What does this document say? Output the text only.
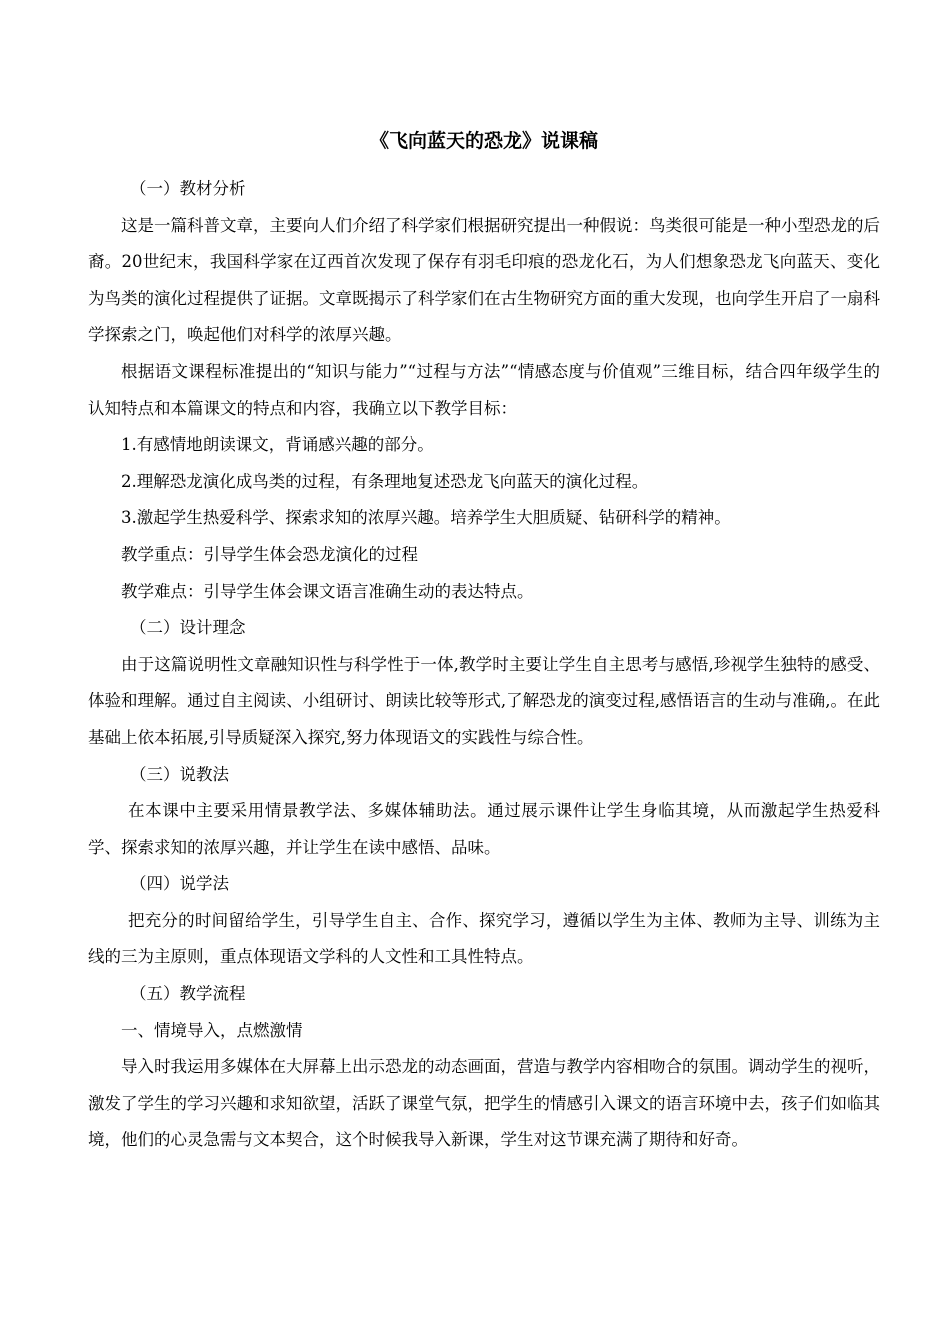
《飞向蓝天的恐龙》说课稿

（一）教材分析

这是一篇科普文章，主要向人们介绍了科学家们根据研究提出一种假说：鸟类很可能是一种小型恐龙的后裔。20世纪末，我国科学家在辽西首次发现了保存有羽毛印痕的恐龙化石，为人们想象恐龙飞向蓝天、变化为鸟类的演化过程提供了证据。文章既揭示了科学家们在古生物研究方面的重大发现，也向学生开启了一扇科学探索之门，唤起他们对科学的浓厚兴趣。

根据语文课程标准提出的“知识与能力”“过程与方法”“情感态度与价值观”三维目标，结合四年级学生的认知特点和本篇课文的特点和内容，我确立以下教学目标：

1.有感情地朗读课文，背诵感兴趣的部分。

2.理解恐龙演化成鸟类的过程，有条理地复述恐龙飞向蓝天的演化过程。

3.激起学生热爱科学、探索求知的浓厚兴趣。培养学生大胆质疑、钻研科学的精神。

教学重点：引导学生体会恐龙演化的过程

教学难点：引导学生体会课文语言准确生动的表达特点。

（二）设计理念

由于这篇说明性文章融知识性与科学性于一体,教学时主要让学生自主思考与感悟,珍视学生独特的感受、体验和理解。通过自主阅读、小组研讨、朗读比较等形式,了解恐龙的演变过程,感悟语言的生动与准确,。在此基础上依本拓展,引导质疑深入探究,努力体现语文的实践性与综合性。

（三）说教法

在本课中主要采用情景教学法、多媒体辅助法。通过展示课件让学生身临其境，从而激起学生热爱科学、探索求知的浓厚兴趣，并让学生在读中感悟、品味。

（四）说学法

把充分的时间留给学生，引导学生自主、合作、探究学习，遵循以学生为主体、教师为主导、训练为主线的三为主原则，重点体现语文学科的人文性和工具性特点。

（五）教学流程

一、情境导入，点燃激情

导入时我运用多媒体在大屏幕上出示恐龙的动态画面，营造与教学内容相吻合的氛围。调动学生的视听，激发了学生的学习兴趣和求知欲望，活跃了课堂气氛，把学生的情感引入课文的语言环境中去，孩子们如临其境，他们的心灵急需与文本契合，这个时候我导入新课，学生对这节课充满了期待和好奇。
